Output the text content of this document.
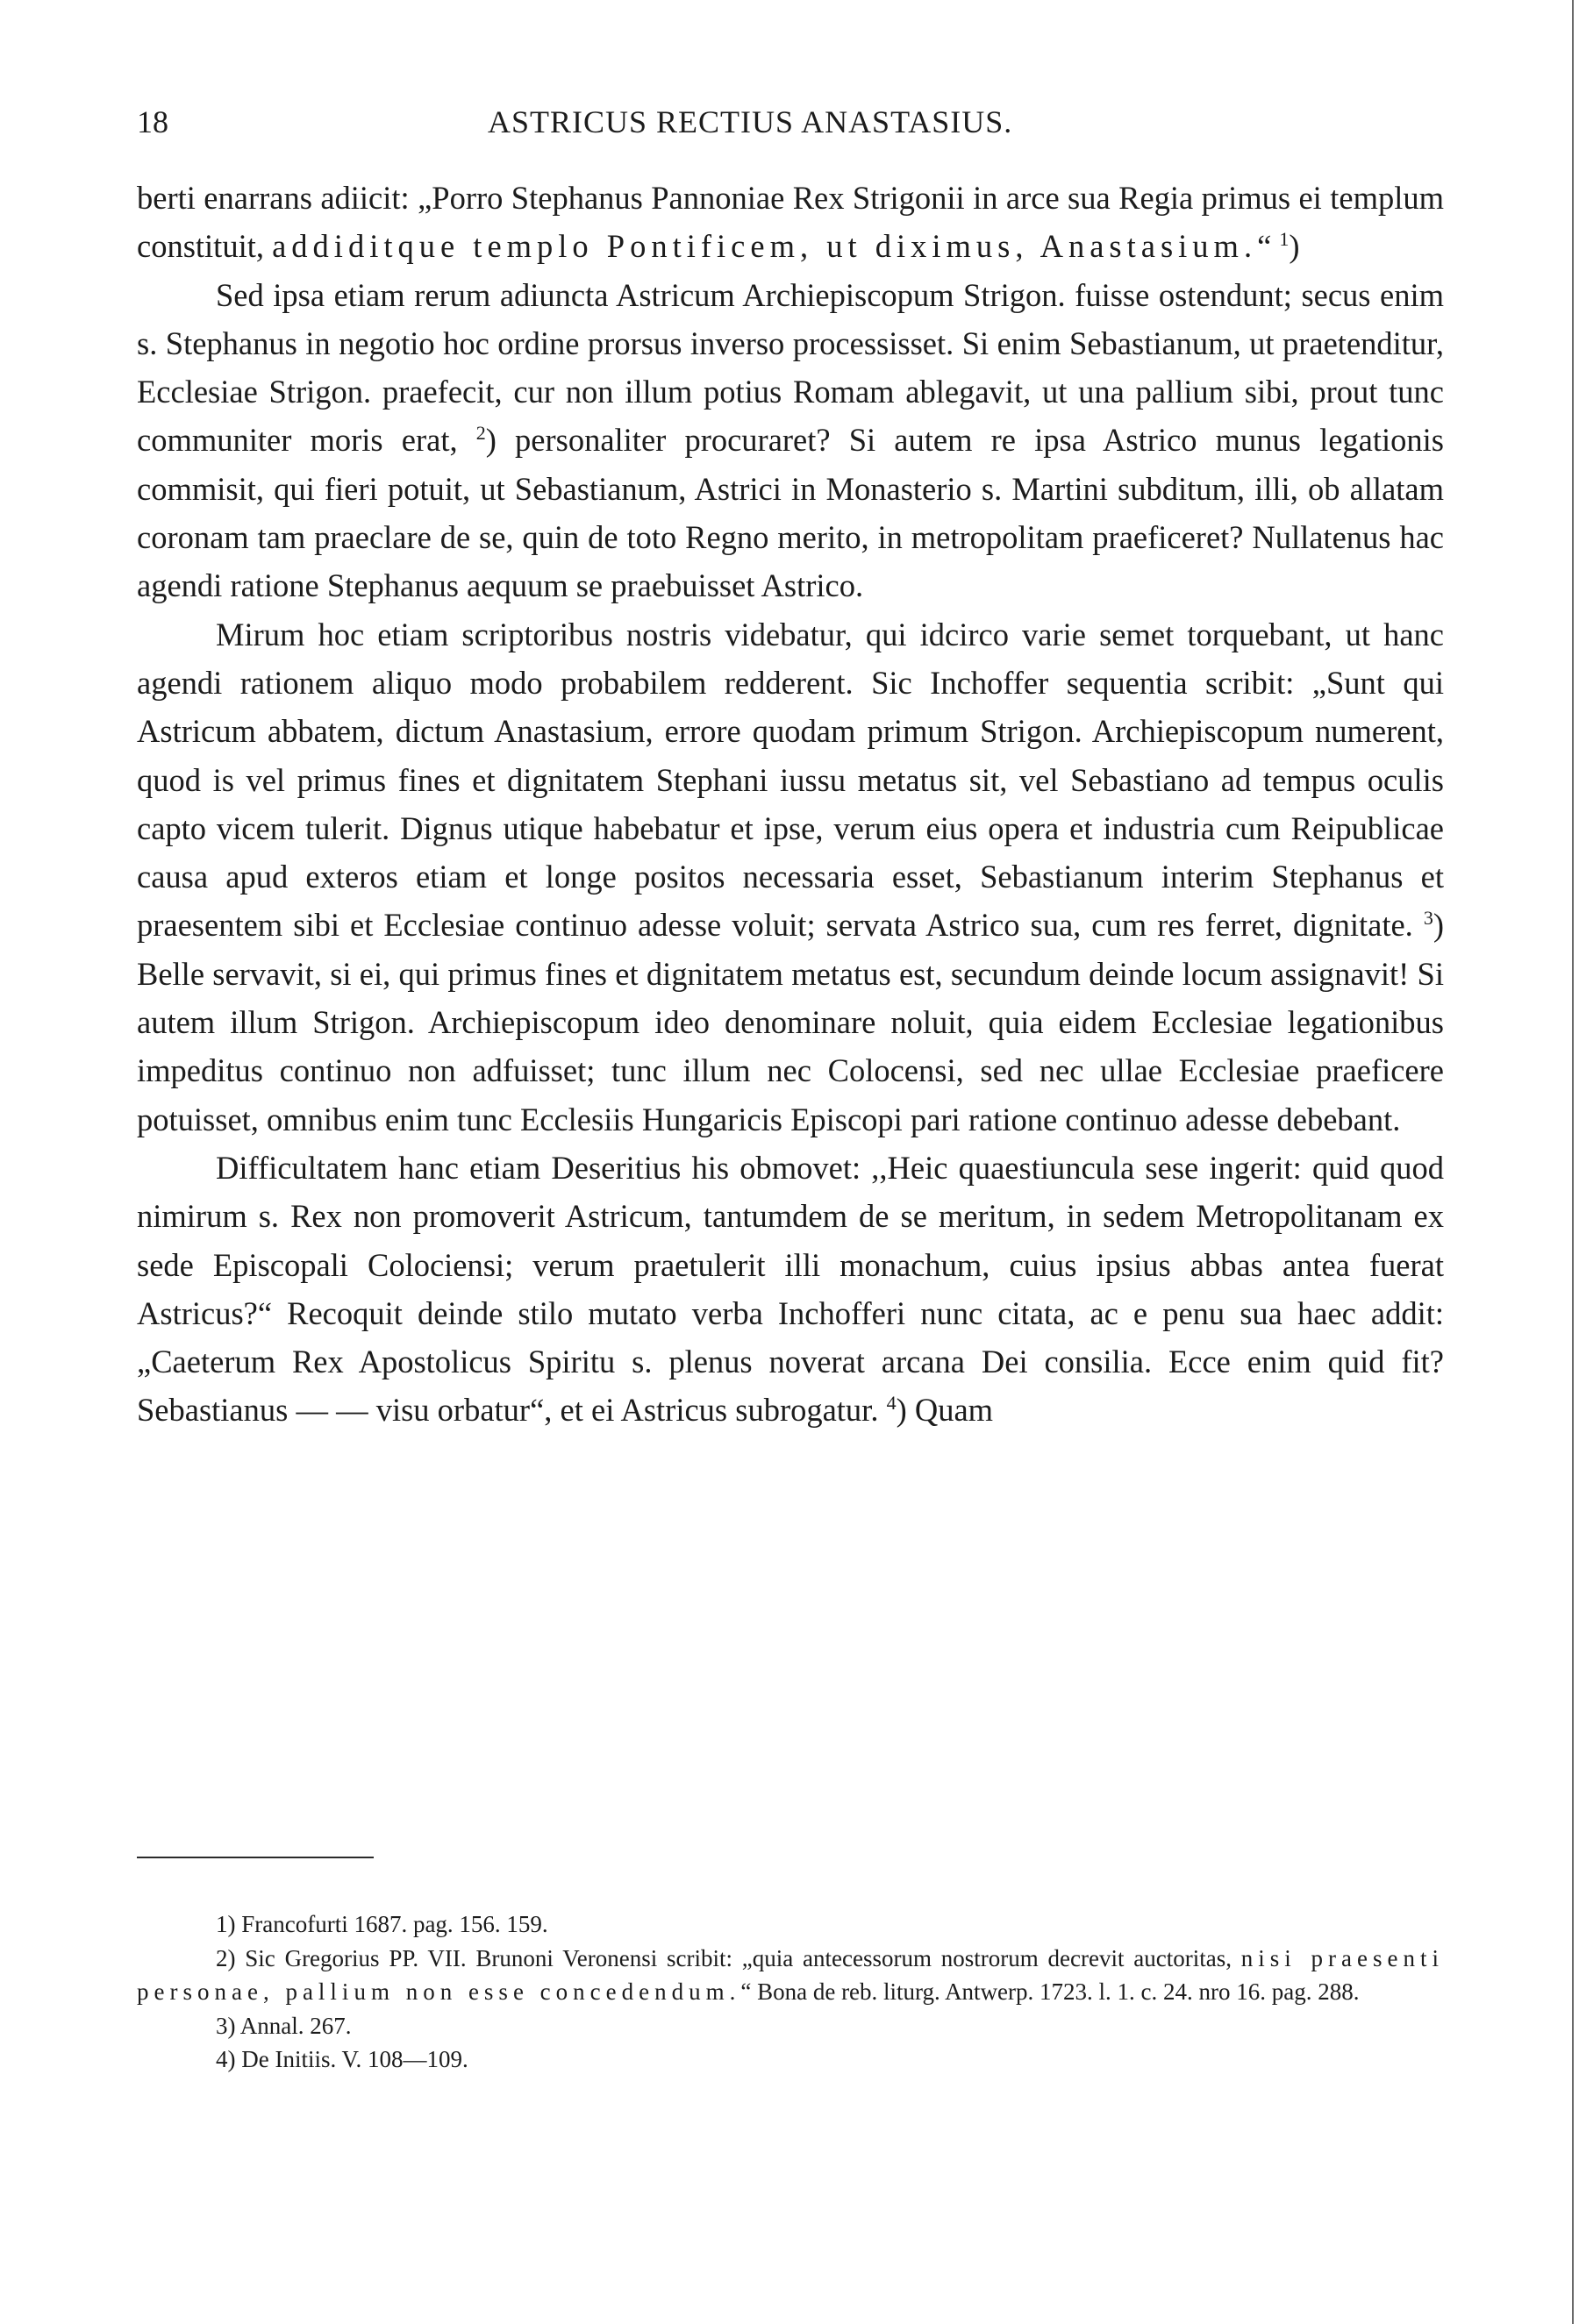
18	ASTRICUS RECTIUS ANASTASIUS.

berti enarrans adiicit: „Porro Stephanus Pannoniae Rex Strigonii in arce sua Regia primus ei templum constituit, addiditque templo Pontificem, ut diximus, Anastasium.“ $^1$)

Sed ipsa etiam rerum adiuncta Astricum Archiepiscopum Strigon. fuisse ostendunt; secus enim s. Stephanus in negotio hoc ordine prorsus inverso processisset. Si enim Sebastianum, ut praetenditur, Ecclesiae Strigon. praefecit, cur non illum potius Romam ablegavit, ut una pallium sibi, prout tunc communiter moris erat, $^2$) personaliter procuraret? Si autem re ipsa Astrico munus legationis commisit, qui fieri potuit, ut Sebastianum, Astrici in Monasterio s. Martini subditum, illi, ob allatam coronam tam praeclare de se, quin de toto Regno merito, in metropolitam praeficeret? Nullatenus hac agendi ratione Stephanus aequum se praebuisset Astrico.

Mirum hoc etiam scriptoribus nostris videbatur, qui idcirco varie semet torquebant, ut hanc agendi rationem aliquo modo probabilem redderent. Sic Inchoffer sequentia scribit: „Sunt qui Astricum abbatem, dictum Anastasium, errore quodam primum Strigon. Archiepiscopum numerent, quod is vel primus fines et dignitatem Stephani iussu metatus sit, vel Sebastiano ad tempus oculis capto vicem tulerit. Dignus utique habebatur et ipse, verum eius opera et industria cum Reipublicae causa apud exteros etiam et longe positos necessaria esset, Sebastianum interim Stephanus et praesentem sibi et Ecclesiae continuo adesse voluit; servata Astrico sua, cum res ferret, dignitate. $^3$) Belle servavit, si ei, qui primus fines et dignitatem metatus est, secundum deinde locum assignavit! Si autem illum Strigon. Archiepiscopum ideo denominare noluit, quia eidem Ecclesiae legationibus impeditus continuo non adfuisset; tunc illum nec Colocensi, sed nec ullae Ecclesiae praeficere potuisset, omnibus enim tunc Ecclesiis Hungaricis Episcopi pari ratione continuo adesse debebant.

Difficultatem hanc etiam Deseritius his obmovet: ,,Heic quaestiuncula sese ingerit: quid quod nimirum s. Rex non promoverit Astricum, tantumdem de se meritum, in sedem Metropolitanam ex sede Episcopali Colociensi; verum praetulerit illi monachum, cuius ipsius abbas antea fuerat Astricus?“ Recoquit deinde stilo mutato verba Inchofferi nunc citata, ac e penu sua haec addit: „Caeterum Rex Apostolicus Spiritu s. plenus noverat arcana Dei consilia. Ecce enim quid fit? Sebastianus — — visu orbatur“, et ei Astricus subrogatur. $^4$) Quam

1) Francofurti 1687. pag. 156. 159.

2) Sic Gregorius PP. VII. Brunoni Veronensi scribit: „quia antecessorum nostrorum decrevit auctoritas, nisi praesenti personae, pallium non esse concedendum.“ Bona de reb. liturg. Antwerp. 1723. l. 1. c. 24. nro 16. pag. 288.

3) Annal. 267.

4) De Initiis. V. 108—109.
